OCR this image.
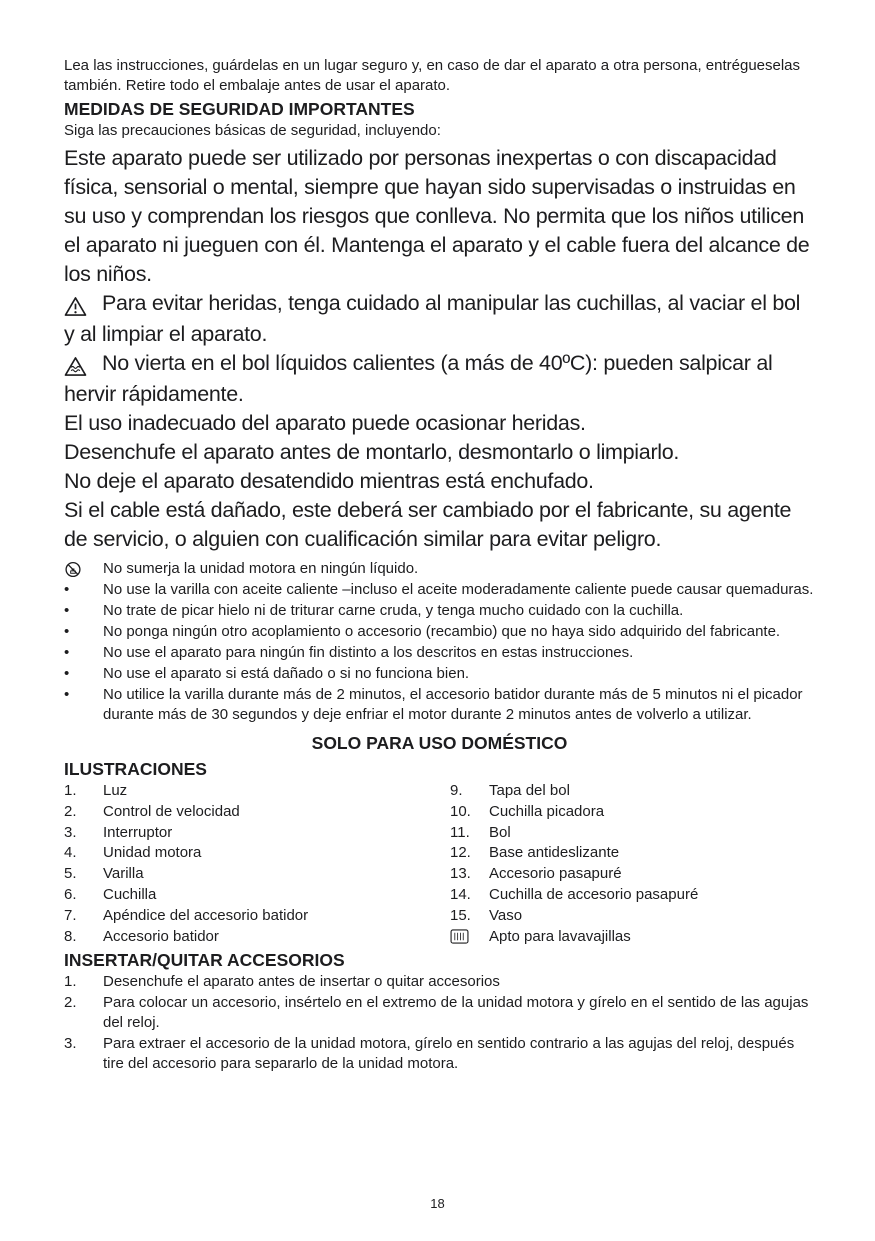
Lea las instrucciones, guárdelas en un lugar seguro y, en caso de dar el aparato a otra persona, entrégueselas también. Retire todo el embalaje antes de usar el aparato.
MEDIDAS DE SEGURIDAD IMPORTANTES
Siga las precauciones básicas de seguridad, incluyendo:

Este aparato puede ser utilizado por personas inexpertas o con discapacidad física, sensorial o mental, siempre que hayan sido supervisadas o instruidas en su uso y comprendan los riesgos que conlleva. No permita que los niños utilicen el aparato ni jueguen con él. Mantenga el aparato y el cable fuera del alcance de los niños.

Para evitar heridas, tenga cuidado al manipular las cuchillas, al vaciar el bol y al limpiar el aparato.

No vierta en el bol líquidos calientes (a más de 40ºC): pueden salpicar al hervir rápidamente.

El uso inadecuado del aparato puede ocasionar heridas.

Desenchufe el aparato antes de montarlo, desmontarlo o limpiarlo.

No deje el aparato desatendido mientras está enchufado.

Si el cable está dañado, este deberá ser cambiado por el fabricante, su agente de servicio, o alguien con cualificación similar para evitar peligro.

No sumerja la unidad motora en ningún líquido.
•	No use la varilla con aceite caliente –incluso el aceite moderadamente caliente puede causar quemaduras.
•	No trate de picar hielo ni de triturar carne cruda, y tenga mucho cuidado con la cuchilla.
•	No ponga ningún otro acoplamiento o accesorio (recambio) que no haya sido adquirido del fabricante.
•	No use el aparato para ningún fin distinto a los descritos en estas instrucciones.
•	No use el aparato si está dañado o si no funciona bien.
•	No utilice la varilla durante más de 2 minutos, el accesorio batidor durante más de 5 minutos ni el picador durante más de 30 segundos y deje enfriar el motor durante 2 minutos antes de volverlo a utilizar.
SOLO PARA USO DOMÉSTICO
ILUSTRACIONES
1.	Luz
2.	Control de velocidad
3.	Interruptor
4.	Unidad motora
5.	Varilla
6.	Cuchilla
7.	Apéndice del accesorio batidor
8.	Accesorio batidor
9.	Tapa del bol
10.	Cuchilla picadora
11.	Bol
12.	Base antideslizante
13.	Accesorio pasapuré
14.	Cuchilla de accesorio pasapuré
15.	Vaso
Apto para lavavajillas
INSERTAR/QUITAR ACCESORIOS
1.	Desenchufe el aparato antes de insertar o quitar accesorios
2.	Para colocar un accesorio, insértelo en el extremo de la unidad motora y gírelo en el sentido de las agujas del reloj.
3.	Para extraer el accesorio de la unidad motora, gírelo en sentido contrario a las agujas del reloj, después tire del accesorio para separarlo de la unidad motora.
18
